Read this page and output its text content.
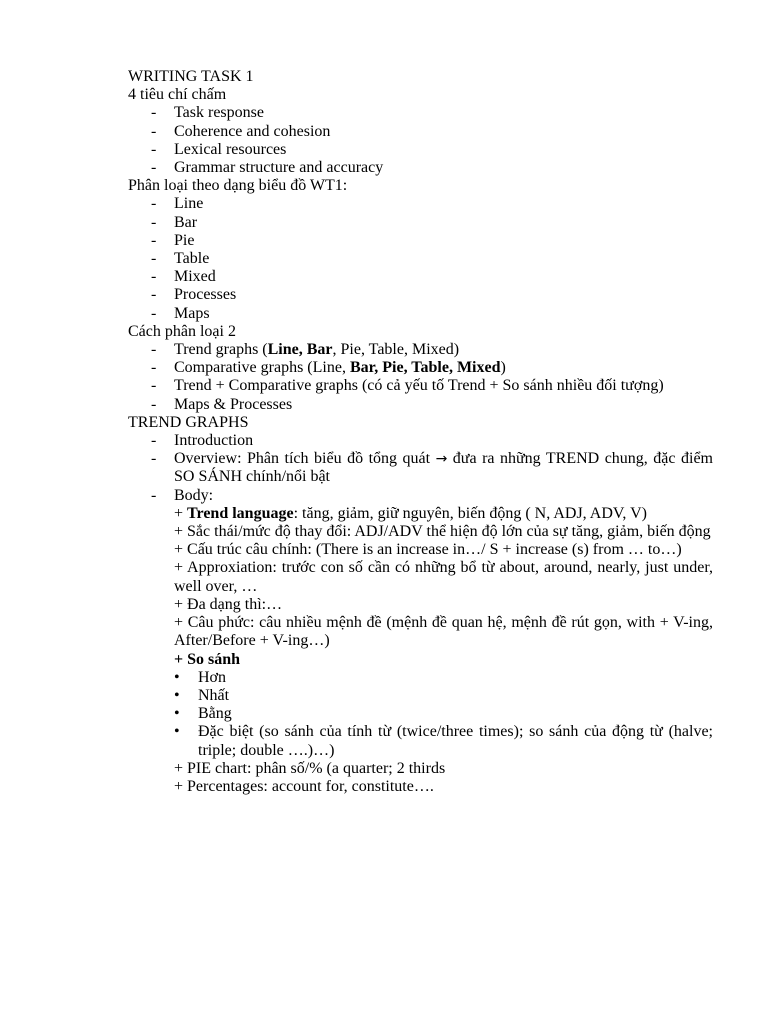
WRITING TASK 1
4 tiêu chí chấm
- Task response
- Coherence and cohesion
- Lexical resources
- Grammar structure and accuracy
Phân loại theo dạng biểu đồ WT1:
- Line
- Bar
- Pie
- Table
- Mixed
- Processes
- Maps
Cách phân loại 2
- Trend graphs (Line, Bar, Pie, Table, Mixed)
- Comparative graphs (Line, Bar, Pie, Table, Mixed)
- Trend + Comparative graphs (có cả yếu tố Trend + So sánh nhiều đối tượng)
- Maps & Processes
TREND GRAPHS
- Introduction
- Overview: Phân tích biểu đồ tổng quát → đưa ra những TREND chung, đặc điểm SO SÁNH chính/nổi bật
- Body:
+ Trend language: tăng, giảm, giữ nguyên, biến động ( N, ADJ, ADV, V)
+ Sắc thái/mức độ thay đổi: ADJ/ADV thể hiện độ lớn của sự tăng, giảm, biến động
+ Cấu trúc câu chính: (There is an increase in…/ S + increase (s) from … to…)
+ Approxiation: trước con số cần có những bổ từ about, around, nearly, just under, well over, …
+ Đa dạng thì:…
+ Câu phức: câu nhiều mệnh đề (mệnh đề quan hệ, mệnh đề rút gọn, with + V-ing, After/Before + V-ing…)
+ So sánh
• Hơn
• Nhất
• Bằng
• Đặc biệt (so sánh của tính từ (twice/three times); so sánh của động từ (halve; triple; double ….)…)
+ PIE chart: phân số/% (a quarter; 2 thirds
+ Percentages: account for, constitute….
